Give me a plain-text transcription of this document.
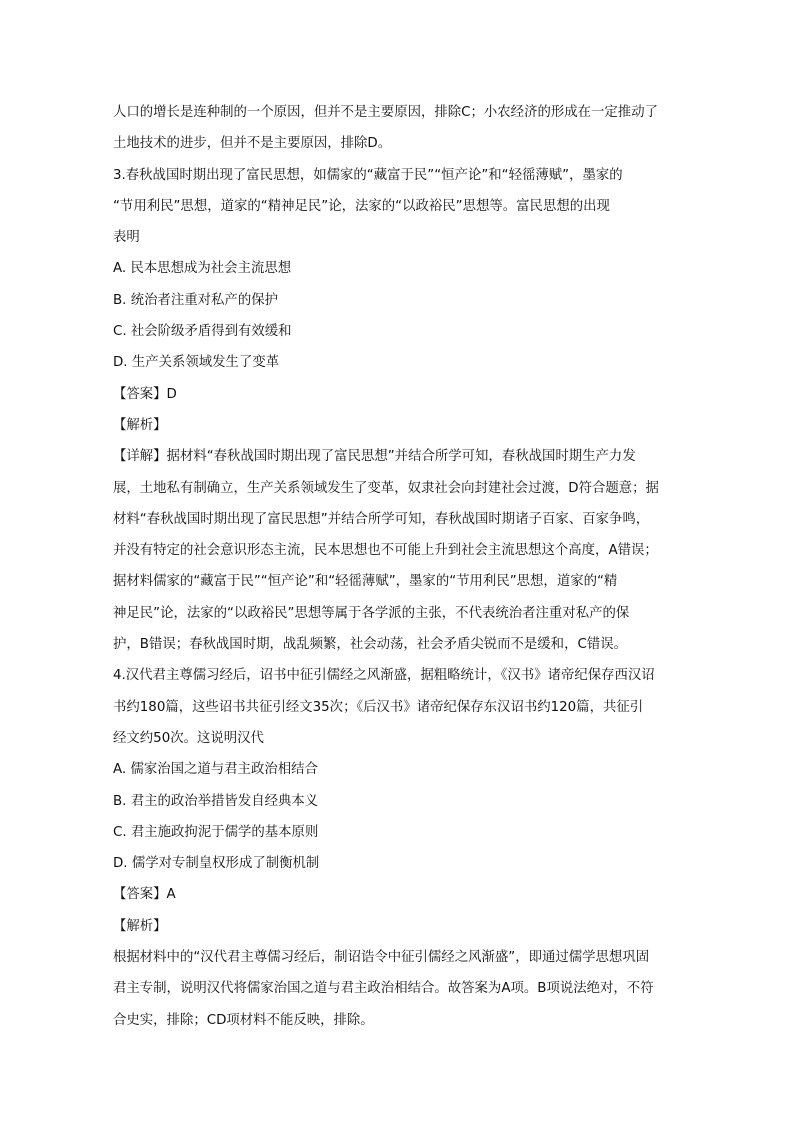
人口的增长是连种制的一个原因，但并不是主要原因，排除C；小农经济的形成在一定推动了

土地技术的进步，但并不是主要原因，排除D。

3.春秋战国时期出现了富民思想，如儒家的“藏富于民”“恒产论”和“轻徭薄赋”，墨家的

“节用利民”思想，道家的“精神足民”论，法家的“以政裕民”思想等。富民思想的出现

表明

A. 民本思想成为社会主流思想

B. 统治者注重对私产的保护

C. 社会阶级矛盾得到有效缓和

D. 生产关系领域发生了变革

【答案】D

【解析】

【详解】据材料“春秋战国时期出现了富民思想”并结合所学可知，春秋战国时期生产力发

展，土地私有制确立，生产关系领域发生了变革，奴隶社会向封建社会过渡，D符合题意；据

材料“春秋战国时期出现了富民思想”并结合所学可知，春秋战国时期诸子百家、百家争鸣，

并没有特定的社会意识形态主流，民本思想也不可能上升到社会主流思想这个高度，A错误；

据材料儒家的“藏富于民”“恒产论”和“轻徭薄赋”，墨家的“节用利民”思想，道家的“精

神足民”论，法家的“以政裕民”思想等属于各学派的主张，不代表统治者注重对私产的保

护，B错误；春秋战国时期，战乱频繁，社会动荡，社会矛盾尖锐而不是缓和，C错误。

4.汉代君主尊儒习经后，诏书中征引儒经之风渐盛，据粗略统计，《汉书》诸帝纪保存西汉诏

书约180篇，这些诏书共征引经文35次；《后汉书》诸帝纪保存东汉诏书约120篇，共征引

经文约50次。这说明汉代

A. 儒家治国之道与君主政治相结合

B. 君主的政治举措皆发自经典本义

C. 君主施政拘泥于儒学的基本原则

D. 儒学对专制皇权形成了制衡机制

【答案】A

【解析】

根据材料中的“汉代君主尊儒习经后，制诏诰令中征引儒经之风渐盛”，即通过儒学思想巩固

君主专制，说明汉代将儒家治国之道与君主政治相结合。故答案为A项。B项说法绝对，不符

合史实，排除；CD项材料不能反映，排除。
